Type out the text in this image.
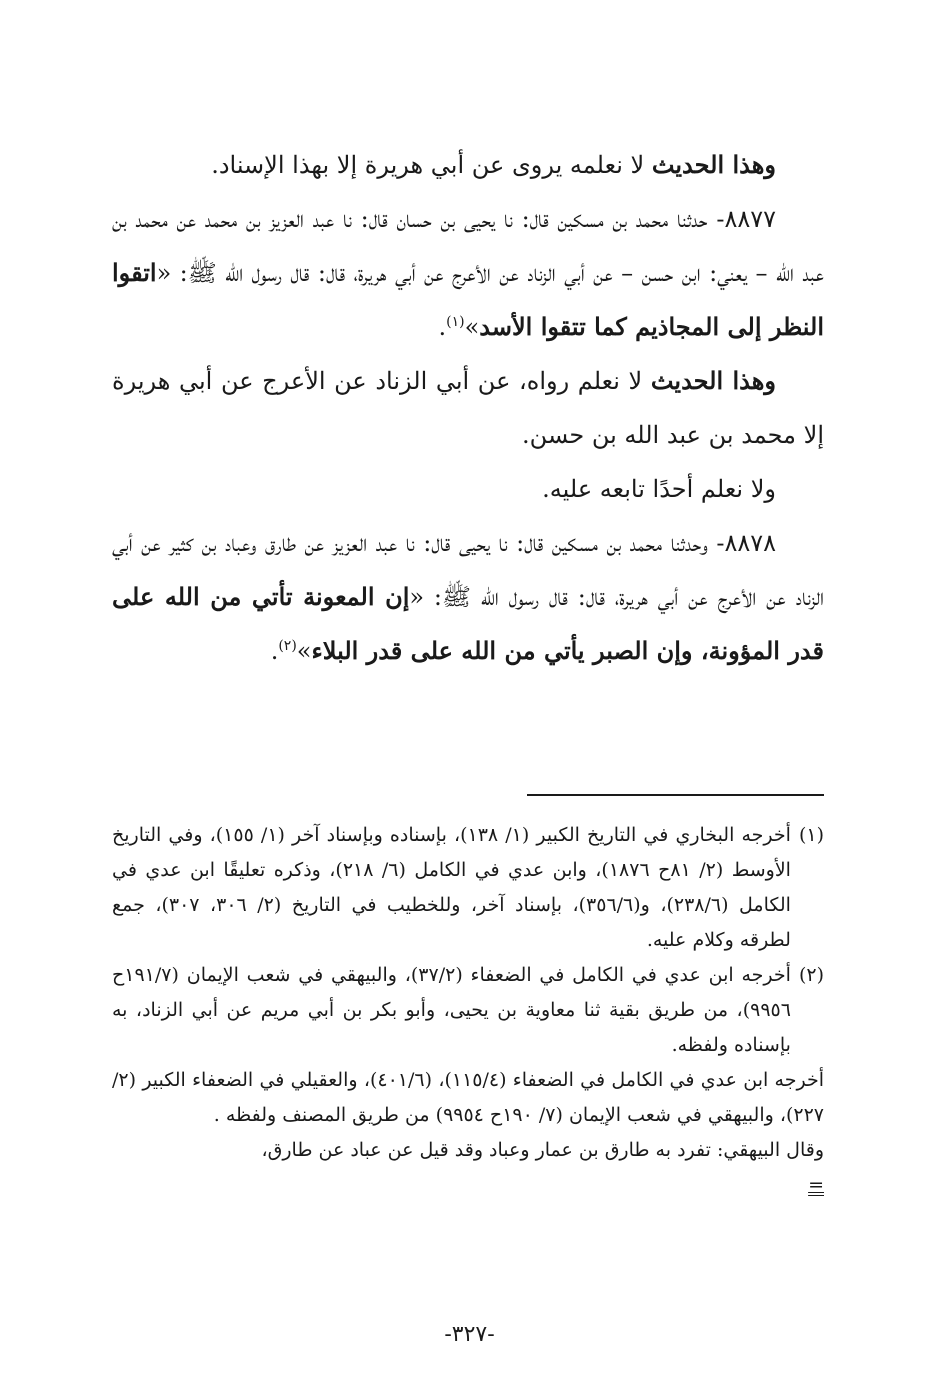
وهذا الحديث لا نعلمه يروى عن أبي هريرة إلا بهذا الإسناد.

٨٨٧٧- حدثنا محمد بن مسكين قال: نا يحيى بن حسان قال: نا عبد العزيز بن محمد عن محمد بن عبد الله – يعني: ابن حسن – عن أبي الزناد عن الأعرج عن أبي هريرة، قال: قال رسول الله ﷺ: «اتقوا النظر إلى المجاذيم كما تتقوا الأسد»$^{(١)}$.

وهذا الحديث لا نعلم رواه، عن أبي الزناد عن الأعرج عن أبي هريرة إلا محمد بن عبد الله بن حسن.

ولا نعلم أحدًا تابعه عليه.

٨٨٧٨- وحدثنا محمد بن مسكين قال: نا يحيى قال: نا عبد العزيز عن طارق وعباد بن كثير عن أبي الزناد عن الأعرج عن أبي هريرة، قال: قال رسول الله ﷺ: «إن المعونة تأتي من الله على قدر المؤونة، وإن الصبر يأتي من الله على قدر البلاء»$^{(٢)}$.

(١)
أخرجه البخاري في التاريخ الكبير (١/ ١٣٨)، بإسناده وبإسناد آخر (١/ ١٥٥)، وفي التاريخ الأوسط (٢/ ٨١ح ١٨٧٦)، وابن عدي في الكامل (٦/ ٢١٨)، وذكره تعليقًا ابن عدي في الكامل (٢٣٨/٦)، و(٣٥٦/٦)، بإسناد آخر، وللخطيب في التاريخ (٢/ ٣٠٦، ٣٠٧)، جمع لطرقه وكلام عليه.
(٢)
أخرجه ابن عدي في الكامل في الضعفاء (٣٧/٢)، والبيهقي في شعب الإيمان (١٩١/٧ح ٩٩٥٦)، من طريق بقية ثنا معاوية بن يحيى، وأبو بكر بن أبي مريم عن أبي الزناد، به بإسناده ولفظه.

أخرجه ابن عدي في الكامل في الضعفاء (١١٥/٤)، (٤٠١/٦)، والعقيلي في الضعفاء الكبير (٢/ ٢٢٧)، والبيهقي في شعب الإيمان (٧/ ١٩٠ح ٩٩٥٤) من طريق المصنف ولفظه .

وقال البيهقي: تفرد به طارق بن عمار وعباد وقد قيل عن عباد عن طارق،
=

-٣٢٧-
